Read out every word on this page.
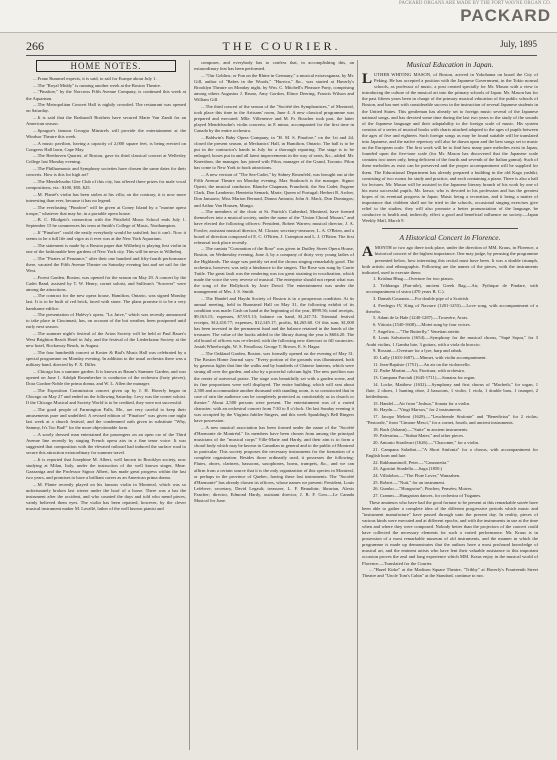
PACKARD ORGANS ARE MADE BY THE FORT WAYNE ORGAN CO.
PACKARD
266	THE COURIER.	July, 1895
HOME NOTES.

....Franz Rummel expects, it is said, to sail for Europe about July 1.

....The "Royal Middy" is running another week at the Boston Theatre.

...."Pinafore," by the Norcross Fifth Avenue Company, is continued this week at the Aquarium.

....The Metropolitan Concert Hall is nightly crowded. The restaurant was opened on Saturday.

....It is said that the Brabazoff Brothers have secured Marie Van Zandt for an American season.

....Sprague's famous Georgia Minstrels will provide the entertainment at the Windsor Theatre this week.

....A music pavilion, having a capacity of 2,000 square feet, is being erected on Congress Hall lawn, Cape May.

....The Beethoven Quartet, of Boston, gave its third classical concert at Wellesley College last Monday evening.

....The Philharmonic and Symphony societies have chosen the same dates for their concerts. How is this for high art?

....The Mendelssohn Glee Club of this city, has offered three prizes for male vocal compositions, viz.: $100, $50, $25.

....M. Planté's violin has been stolen at his villa; on the contrary, it is now more interesting than ever, because it has no legend.

....The everlasting "Pinafore" will be given at Coney Island by a "marine opera troupe," whatever that may be, in a portable opera house.

....B. C. Blodgett's connection with the Pittsfield Music School ends July 1. September 15 he commences his term at Smith's College of Music, Northampton.

....If "Pinafore" could die easily everybody would be satisfied; but it can't. Now it seems to be a full life and vigor as it ever was at the New York Aquarium.

....The statement is made by a Boston paper that Wilhelmj is playing first violin in one of the fashionable beer gardens of New York city. This will be news to Wilhelmj.

....The "Pirates of Penzance," after their one hundred and fifty-fourth performance there, vacated the Fifth Avenue Theatre on Saturday evening last and set sail for the West.

....Forest Garden, Boston, was opened for the season on May 29. A concert by the Cadet Band, assisted by T. W. Henry, cornet soloist, and Sullivan's "Sorcerer" were among the attractions.

....The contract for the new opera house, Hamilton, Ontario, was signed Monday last. It is to be built of red brick, faced with stone. The plans promise it to be a very handsome edifice.

....The presentation of Halévy's opera, "La Juive," which was recently announced to take place in Cincinnati, has, on account of the hot weather, been postponed until early next season.

....The summer night's festival of the Arion Society will be held at Paul Bauer's West Brighton Beach Hotel in July, and the festival of the Liederkranz Society at the new hotel, Rockaway Beach, in August.

....The four hundredth concert at Koster & Bial's Music Hall was celebrated by a special programme on Monday evening. In addition to the usual orchestra there was a military band, directed by F. X. Diller.

....Chicago has a summer garden. It is known as Baum's Summer Garden, and was opened on June 1. Adolph Rosenbecker is conductor of the orchestra (forty pieces), Dora Gordon-Noble the prima donna, and W. L. Allen the manager.

....The Exposition Commission concert given up by J. H. Haverly began in Chicago on May 27 and ended on the following Saturday. Levy was the cornet soloist. If the Chicago Musical and Society World is to be credited, they were not successful.

....The good people of Farmington Falls, Me., are very careful to keep their amusements pure and undefiled. A revised edition of "Pinafore" was given one night last week at a church festival, and the condemned oath given in substitute "Why, Sammy, It's Too Bad!" for the more objectionable form.

....A sorely dressed man entertained the passengers on an open car of the Third Avenue line recently by singing French opera airs in a fine tenor voice. It was suggested that composition with the elevated railroad had induced the surface road to secure this attraction extraordinary for summer travel.

....It is reported that Josephine M. Albert, well known in Brooklyn society, now studying at Milan, Italy, under the instruction of the well known singer, Mme. Gazzaniga and the Professor Signor Albert, has made great progress within the last two years, and promises to have a brilliant career as an American prima donna.

....M. Plante recently played on his famous violin in Montreal, which was so unfortunately broken last winter under the hoof of a horse. There was a bar the instrument after the accident, and who counted the days and told who mend pieces, vainly believed them eyes. The violin has been repaired, however, by the clever musical instrument maker M. Lavallé, father of the well known pianist and

composer, and everybody has to confess that, in accomplishing this, an extraordinary feat has been performed.

...."Our Goblins; or Fun on the Rhine in Germany," a musical extravaganza, by Mr. Gill, author of "Babes in the Woods," "Hurrico," &c., was started at Haverly's Brooklyn Theatre on Monday night, by Wm. C. Mitchell's Pleasure Party, comprising among others Augustus J. Bruno, Amy Gordon, Elinor Deering, Francis Wilson and William Gill.

....The third concert of the season of the "Société des Symphonistes," of Montreal, took place this time in the Artisans' room, June 4. A new classical programme was prepared and executed. Mlle. Villeneuve and M. Fr. Boucher took part, the latter played Mendelssohn's violin concerto, in E minor, accompanied for the first time in Canada by the entire orchestra.

....Baldwin's Baby Opera Company, in "H. M. S. Pinafore," on the 1st and 2d, closed the present season, at Mechanics' Hall, in Hamilton, Ontario. The hall is to be put in the contractor's hands in July for a thorough repairing. The stage is to be enlarged, boxes put in and all latest improvements in the way of seats, &c., added. Mr. Kneeshaw, the manager, has joined with Pilon, manager of the Grand, Toronto. Pilon has come to New York to book attractions.

....A new version of "The Sea-Cadet," by Sidney Rosenfeld, was brought out at the Fifth Avenue Theatre on Monday evening. Max Strakosch is the manager. Signor Operti, the musical conductor. Blanche Chapman, Franchetti, the Sea Cadet; Eugene Clark, Don Lamberto; Henrietta Semark, Marie, Queen of Portugal; Herbert R. Archer, Don Januario; Miss Marion Bernard, Donna Antonia; John A. Mack, Don Domingos; and Arthur Van Housen, Mungo.

....The members of the choir at St. Patrick's Cathedral, Montreal, have formed themselves into a musical society, under the name of the "Union Choral Mozart," and have elected the following officers: President, Robert Warren; musical director, J. A. Fowler; assistant musical director, M. Clozan; secretary-treasurer, L. A. O'Brien, and a board of direction composed of E. C. O'Brien, J. Crampton and L. J. O'Brien. The first rehearsal took place recently.

....The cantata "Coronation of the Rose" was given in Dudley Street Opera House, Boston, on Wednesday evening, June 4, by a company of thirty very young ladies of the Highlands. The stage was prettily set and the chorus singing remarkably good. The orchestra, however, was only a hindrance to the singers. The Rose was sung by Carrie Tuttle. The great fault was the rendering was too great straining in vocalization, which made the voice the very reverse of musical. The enterprise should not repeat what was the song of the Hollyhock by Josie Dowd. The entertainment was under the management of Mrs. J. S. Smith.

....The Handel and Haydn Society of Boston is in a prosperous condition. At its annual meeting, held in Bumstead Hall on May 31, the following exhibit of its condition was made: Cash on hand at the beginning of the year, $999.56; total receipts, $9,163.15; expenses, $7,915.13; balance on hand, $1,247.74. Triennial festival receipts, $12,410.77; expenses, $12,145.17; profits, $4,265.60. Of this sum, $1,000 has been invested in the permanent fund and the balance retained in the hands of the treasurer. The value of the books added to the library during the year is $604.20. The old board of officers was re-elected, with the following new directors to fill vacancies: Josiah Wheelwright, W. S. Fenollosa, George T. Brown, E. S. Hagar.

....The Oakland Garden, Boston, was formally opened on the evening of May 31. The Boston Home Journal says: "Every portion of the grounds was illuminated, both by gaseous lights that line the walks and by hundreds of Chinese lanterns, which were strung all over the garden, and also by a powerful calcium light. The new pavilion was the center of universal praise. The stage was beautifully set with a garden scene, and its fine proportions were well displayed. The entire building, which will seat about 2,500 and accommodate another thousand with standing room, is so constructed that in case of rain the audience can be completely protected as comfortably as in church or theatre." About 2,500 persons were present. The entertainment was of a varied character, with an orchestral concert from 7:30 to 8 o'clock. On last Sunday evening it was occupied by the Virginia Jubilee Singers, and this week Spaulding's Bell Ringers have possession.

....A new musical association has been formed under the name of the "Société d'Harmonie de Montréal." Its members have been chosen from among the principal musicians of the "musical corps" Ville-Marie and Hardy, and their aim is to form a choral body which may be known in Canadian in general and to the public of Montreal in particular. This society proposes the necessary instruments for the formation of a complete organization. Besides those ordinarily used, it possesses the following: Flutes, oboes, clarinets, bassoons, saxophones, horns, trumpets, &c., and we can affirm from a certain source that it is the only organization of this species in Montreal, or perhaps in the province of Quebec, having these last instruments. The "Société d'Harmonie" has already chosen its officers, whose names we present: President, Louis Lefebvre, secretary, David Legault; treasurer, L. F. Beaudoin; librarian, Alexis Fancher; director, Edmond Hardy, assistant director, J. B. F. Gow.—Le Canada Musical for June.

Musical Education in Japan.

LUTHER WHITING MASON, of Boston, arrived in Yokohama on board the City of Peking. He has accepted a position with the Japanese Government, in the Tokio normal schools, as professor of music, a post created specially for Mr. Mason with a view to introducing the culture of the musical art into the primary schools of Japan. Mr. Mason has for the past fifteen years been in charge of the primary musical education of the public schools of Boston, and has met with considerable success in the instruction of several Japanese students in the United States. This gentleman has already set to foreign music several of the Japanese national songs, and has devoted some time during the last two years to the study of the sounds of the Japanese language and their adaptability to the foreign scale of music. His system consists of a series of musical books with charts attached adapted to the ages of pupils between the ages of five and eighteen. Such foreign songs as may be found suitable will be translated into Japanese, and the native repertory will also be drawn upon and the best songs set to music on the European scale. The first work will be to find how many pure melodies exist in Japan, founded upon the five-tone scale (for Mr. Mason has discovered that the Japanese scale contains two tones only, being deficient of the fourth and seventh of the Italian gamut). Such of these melodies as exist can be preserved and the proper accompaniment will be supplied for them. The Educational Department has already prepared a building in the old Kaga yashiki, consisting of two rooms for study and practice, and each containing a piano. There is also a hall for lectures. Mr. Mason will be assisted in the Japanese literary branch of his work by one of his most successful pupils, Mr. Izawa, who is devoted to his profession and has the greatest hopes of its eventual progress in Japan. Music being a recreation, and it being a matter of importance that children shall not be tried in the schools, occasional singing exercises give relief to the studies; they will also promote a better pronunciation of the language, be conducive to health and, indirectly, effect a good and beneficial influence on society.—Japan Weekly Mail, March 9.

A Historical Concert in Florence.

AMONTH or two ago there took place, under the direction of MM. Kraus, in Florence, a historical concert of the highest importance. One may judge, by perusing the programme presented below, how interesting this recital must have been. It was a double triumph, both artistic and ethnographic. Following are the names of the pieces, with the instruments indicated, used to execute them:

1. Krishna Bhag.—Overture for two pianos.

2. Tribhanga (Fan-aile), ancient Greek Rag.—Air, Pythique de Pindare, with accompaniment of sistra (470 years B. C.).

3. Damah Couranto.—For double pipe of a Scottish.

4. Fredegys IV, King of Navarre (1201-1253).—Love song, with accompaniment of a theorbo.

5. Adam de la Hale (1240-1287).—Trouvère, Arras.

6. Vittoria (1540-1608).—Motet sung by four voices.

7. Angelico.—"The Butterfly," Venetian ariette.

8. Louis Salvatorio (1654).—Symphony for the musical chorus, "Sapè Sopra," for 3 Arabi violins, 1 Gamba lute, 3 guitars, with a viola da braccio.

9. Rossini.—Overture for a lyre, harp and rabab.

10. Lully (1633-1687).—Minuet, with violin accompaniment.

11. Jean-Baptiste (1751).—An air on the violoncello.

12. Padre Martini.—Air, Fioritura, with orchestra.

13. Campana Parciali (1645-1711).—Sonatas for organ.

14. Locke, Matthew (1632).—Symphony and first chorus of "Macbeth," for organ, 1 flute, 2 oboes, 1 hunting oboe, 2 bassoons, 1 violin, 1 viola, 1 double bass, 1 trumpet, 2 kettledrums.

15. Handel.—Air from "Joshua," Sonata for a violin.

16. Haydn.—"Vingt Marxos," for 2 instruments.

17. Jacopo Meloni (1629).—"Leuchtende Sinfonie" and "Benedictus" for 2 violas; "Pastorale," from "Cimone Mesci," for a cornet, fourth, and ancient instruments.

18. Bach (Johann).—"Suite" in ancient instruments.

19. Palestrina.—"Stabat Mater," and other pieces.

20. Antonio Stradivari (1626).—"Chaconne," for a violin.

21. Campana Saladini.—"A Short Sinfonia" for a chorus, with accompaniment for English horn and lute.

22. Rakhmaninoff, Peter.—"Canzonetta."

23. Agostini Stradella.—Saga (1850.)

24. Villalobos.—"The Flute Lover," Wanzaben.

25. Robert.—"Nuit," for an instrument.

26. Gumbo.—"Hongroise"; Pinches; Pensées; Moires.

27. Cramm.—Hungarian dances, for orchestra of Tsiganes.

These amateurs who have had the good fortune to be present at this remarkable soirée have been able to gather a complete idea of the different progressive periods which music and "instrument manufacture" have passed through unto the present day. In reality, pieces of various kinds were executed and at different epochs, and with the instruments in use at the time when and where they were composed. Nobody better than the projectors of the concert could have collected the necessary elements for such a varied performance. Mr. Kraus is in possession of a most remarkable museum of old instruments, and the manner in which the programme is made up demonstrates that the authors have a most profound knowledge of musical art, and the eminent artists who have lent their valuable assistance to this important occasion proves the zeal and long experience which MM. Kraus enjoy in the musical world of Florence.—Translated for the Courier.

...."Hazel Kirke" at the Madison Square Theatre, "Tribby" at Haverly's Fourteenth Street Theatre and "Uncle Tom's Cabin" at the Standard, continue to run.
